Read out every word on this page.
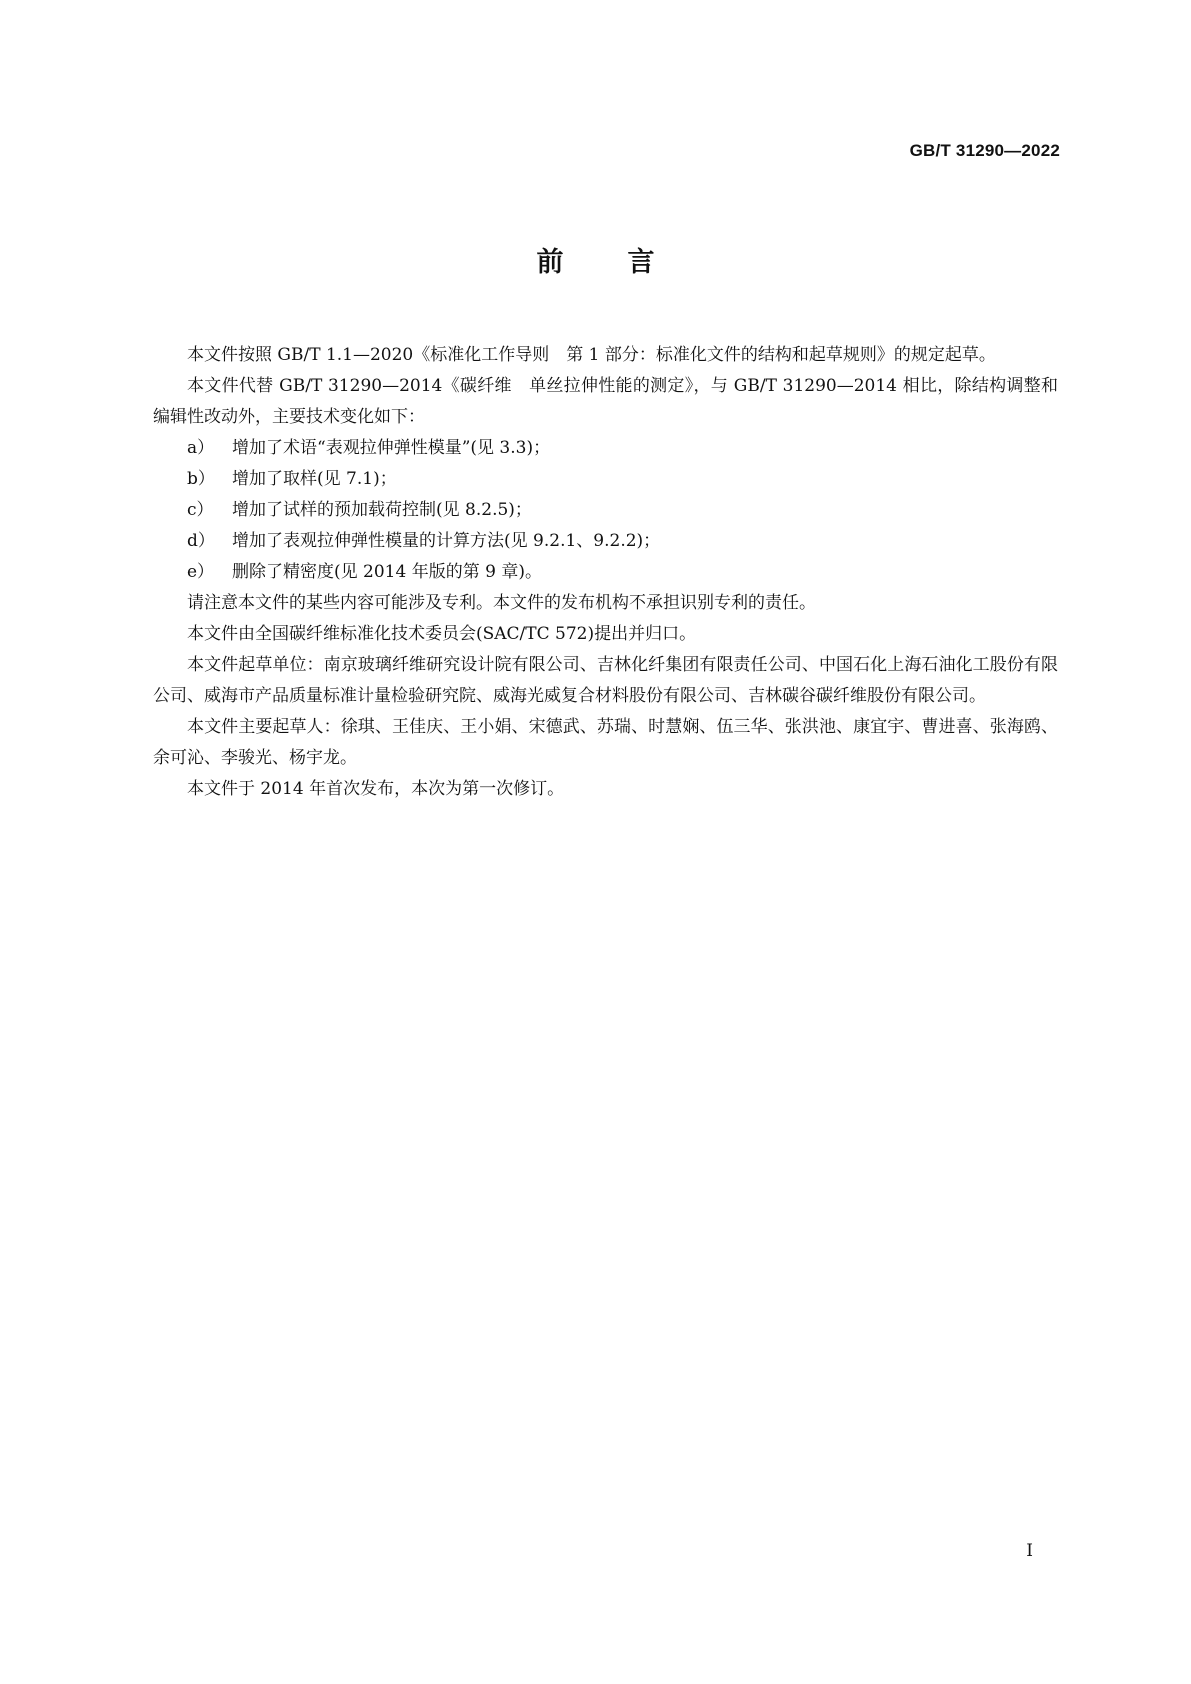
GB/T 31290—2022
前言

本文件按照 GB/T 1.1—2020《标准化工作导则　第 1 部分：标准化文件的结构和起草规则》的规定起草。

本文件代替 GB/T 31290—2014《碳纤维　单丝拉伸性能的测定》，与 GB/T 31290—2014 相比，除结构调整和编辑性改动外，主要技术变化如下：

a）	增加了术语“表观拉伸弹性模量”(见 3.3)；
b）	增加了取样(见 7.1)；
c）	增加了试样的预加载荷控制(见 8.2.5)；
d）	增加了表观拉伸弹性模量的计算方法(见 9.2.1、9.2.2)；
e）	删除了精密度(见 2014 年版的第 9 章)。

请注意本文件的某些内容可能涉及专利。本文件的发布机构不承担识别专利的责任。

本文件由全国碳纤维标准化技术委员会(SAC/TC 572)提出并归口。

本文件起草单位：南京玻璃纤维研究设计院有限公司、吉林化纤集团有限责任公司、中国石化上海石油化工股份有限公司、威海市产品质量标准计量检验研究院、威海光威复合材料股份有限公司、吉林碳谷碳纤维股份有限公司。

本文件主要起草人：徐琪、王佳庆、王小娟、宋德武、苏瑞、时慧娴、伍三华、张洪池、康宜宇、曹进喜、张海鸥、余可沁、李骏光、杨宇龙。

本文件于 2014 年首次发布，本次为第一次修订。

I
